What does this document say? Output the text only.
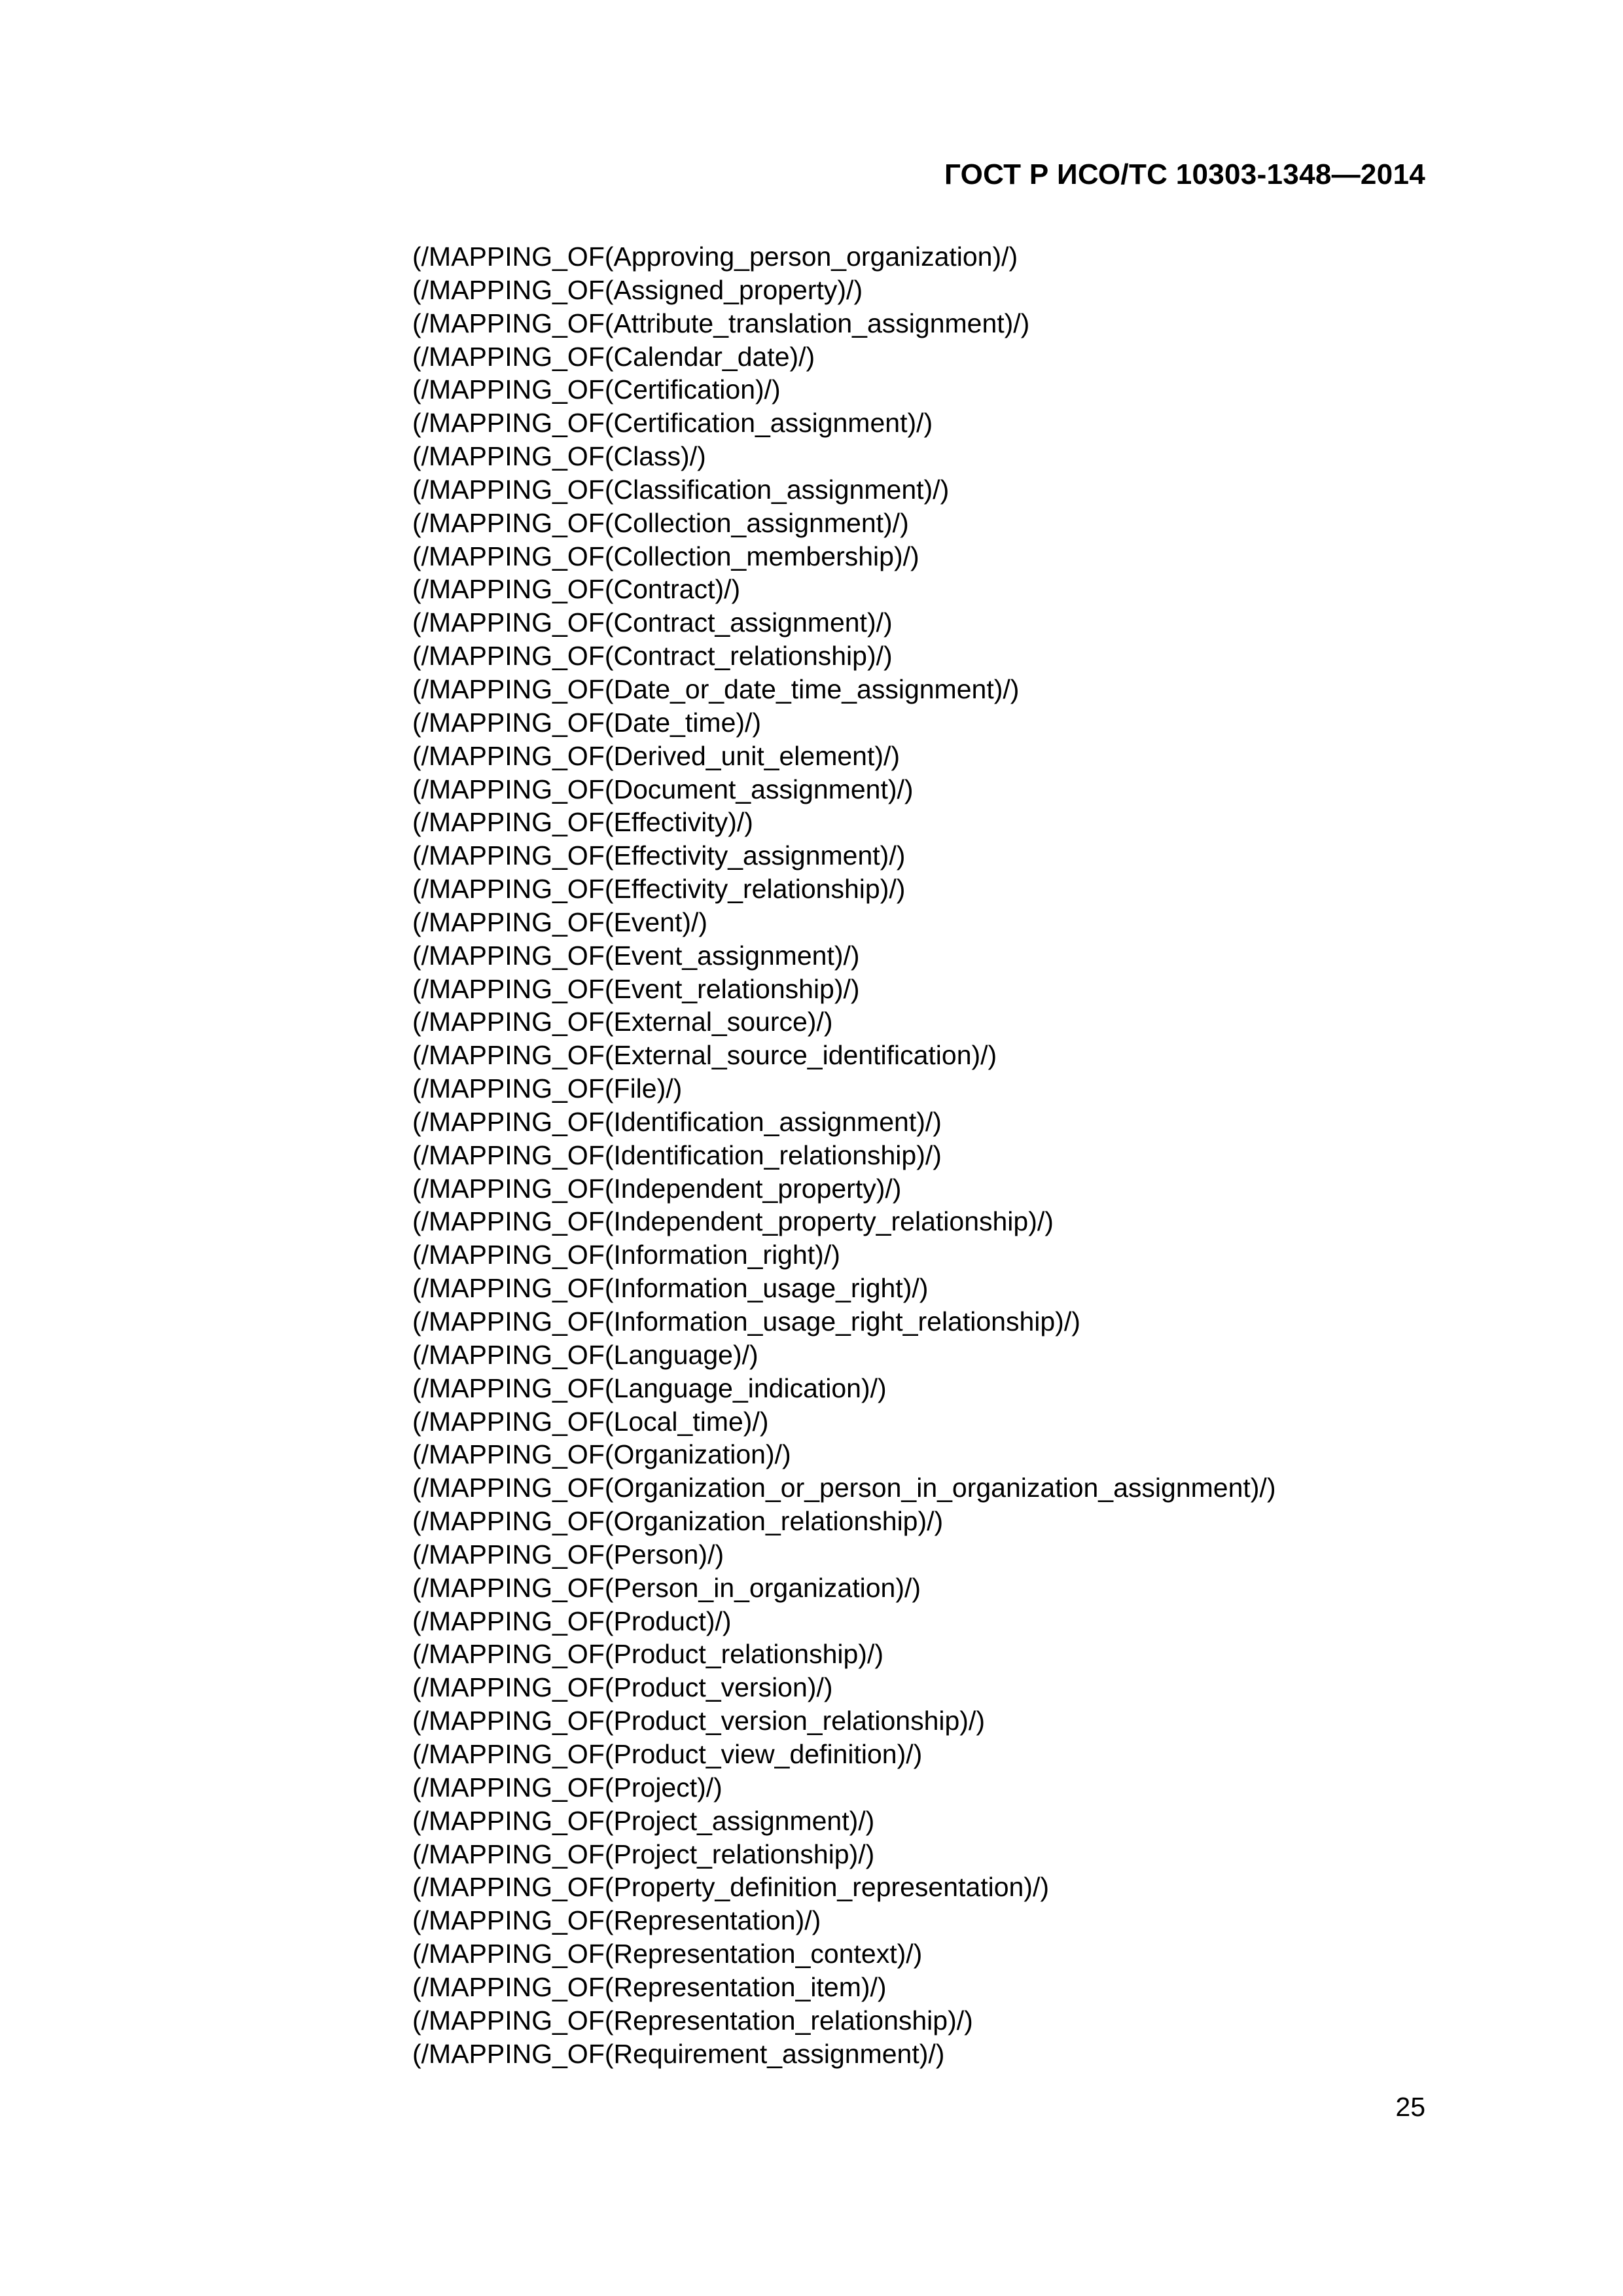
ГОСТ Р ИСО/ТС 10303-1348—2014
(/MAPPING_OF(Approving_person_organization)/)
(/MAPPING_OF(Assigned_property)/)
(/MAPPING_OF(Attribute_translation_assignment)/)
(/MAPPING_OF(Calendar_date)/)
(/MAPPING_OF(Certification)/)
(/MAPPING_OF(Certification_assignment)/)
(/MAPPING_OF(Class)/)
(/MAPPING_OF(Classification_assignment)/)
(/MAPPING_OF(Collection_assignment)/)
(/MAPPING_OF(Collection_membership)/)
(/MAPPING_OF(Contract)/)
(/MAPPING_OF(Contract_assignment)/)
(/MAPPING_OF(Contract_relationship)/)
(/MAPPING_OF(Date_or_date_time_assignment)/)
(/MAPPING_OF(Date_time)/)
(/MAPPING_OF(Derived_unit_element)/)
(/MAPPING_OF(Document_assignment)/)
(/MAPPING_OF(Effectivity)/)
(/MAPPING_OF(Effectivity_assignment)/)
(/MAPPING_OF(Effectivity_relationship)/)
(/MAPPING_OF(Event)/)
(/MAPPING_OF(Event_assignment)/)
(/MAPPING_OF(Event_relationship)/)
(/MAPPING_OF(External_source)/)
(/MAPPING_OF(External_source_identification)/)
(/MAPPING_OF(File)/)
(/MAPPING_OF(Identification_assignment)/)
(/MAPPING_OF(Identification_relationship)/)
(/MAPPING_OF(Independent_property)/)
(/MAPPING_OF(Independent_property_relationship)/)
(/MAPPING_OF(Information_right)/)
(/MAPPING_OF(Information_usage_right)/)
(/MAPPING_OF(Information_usage_right_relationship)/)
(/MAPPING_OF(Language)/)
(/MAPPING_OF(Language_indication)/)
(/MAPPING_OF(Local_time)/)
(/MAPPING_OF(Organization)/)
(/MAPPING_OF(Organization_or_person_in_organization_assignment)/)
(/MAPPING_OF(Organization_relationship)/)
(/MAPPING_OF(Person)/)
(/MAPPING_OF(Person_in_organization)/)
(/MAPPING_OF(Product)/)
(/MAPPING_OF(Product_relationship)/)
(/MAPPING_OF(Product_version)/)
(/MAPPING_OF(Product_version_relationship)/)
(/MAPPING_OF(Product_view_definition)/)
(/MAPPING_OF(Project)/)
(/MAPPING_OF(Project_assignment)/)
(/MAPPING_OF(Project_relationship)/)
(/MAPPING_OF(Property_definition_representation)/)
(/MAPPING_OF(Representation)/)
(/MAPPING_OF(Representation_context)/)
(/MAPPING_OF(Representation_item)/)
(/MAPPING_OF(Representation_relationship)/)
(/MAPPING_OF(Requirement_assignment)/)
25
